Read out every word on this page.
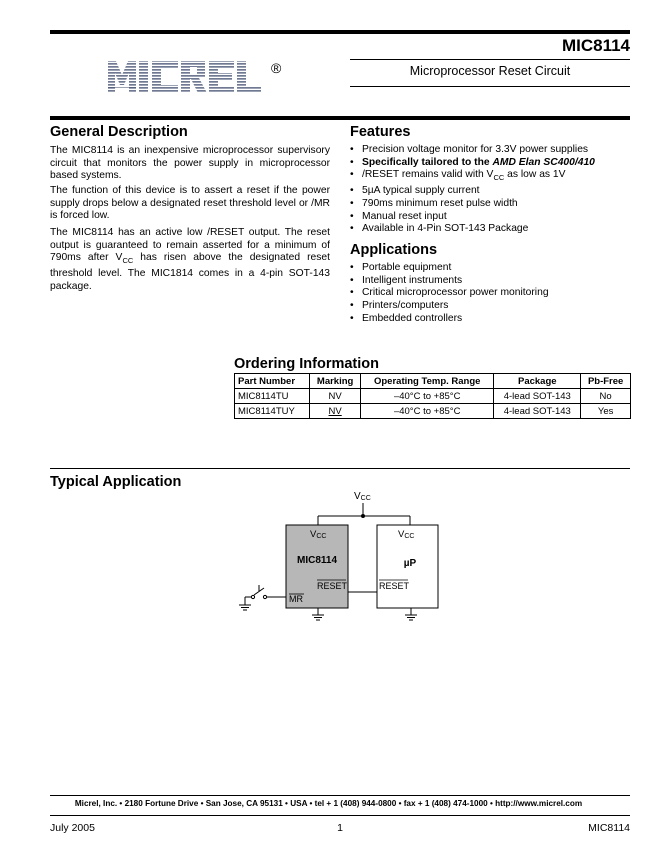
®
MIC8114
Microprocessor Reset Circuit
General Description

The MIC8114 is an inexpensive microprocessor supervisory circuit that monitors the power supply in microprocessor based systems.

The function of this device is to assert a reset if the power supply drops below a designated reset threshold level or /MR is forced low.

The MIC8114 has an active low /RESET output. The reset output is guaranteed to remain asserted for a minimum of 790ms after $V_{CC}$ has risen above the designated reset threshold level. The MIC1814 comes in a 4-pin SOT-143 package.

Features
• Precision voltage monitor for 3.3V power supplies
• Specifically tailored to the AMD Elan SC400/410
• /RESET remains valid with $V_{CC}$ as low as 1V
• 5µA typical supply current
• 790ms minimum reset pulse width
• Manual reset input
• Available in 4-Pin SOT-143 Package
Applications
• Portable equipment
• Intelligent instruments
• Critical microprocessor power monitoring
• Printers/computers
• Embedded controllers
Ordering Information
Part Number	Marking	Operating Temp. Range	Package	Pb-Free
MIC8114TU	NV	–40°C to +85°C	4-lead SOT-143	No
MIC8114TUY	NV	–40°C to +85°C	4-lead SOT-143	Yes
Typical Application
VCC
VCC
MIC8114
RESET
MR
VCC
µP
RESET
Micrel, Inc. • 2180 Fortune Drive • San Jose, CA 95131 • USA • tel + 1 (408) 944-0800 • fax + 1 (408) 474-1000 • http://www.micrel.com
July 2005	1	MIC8114
